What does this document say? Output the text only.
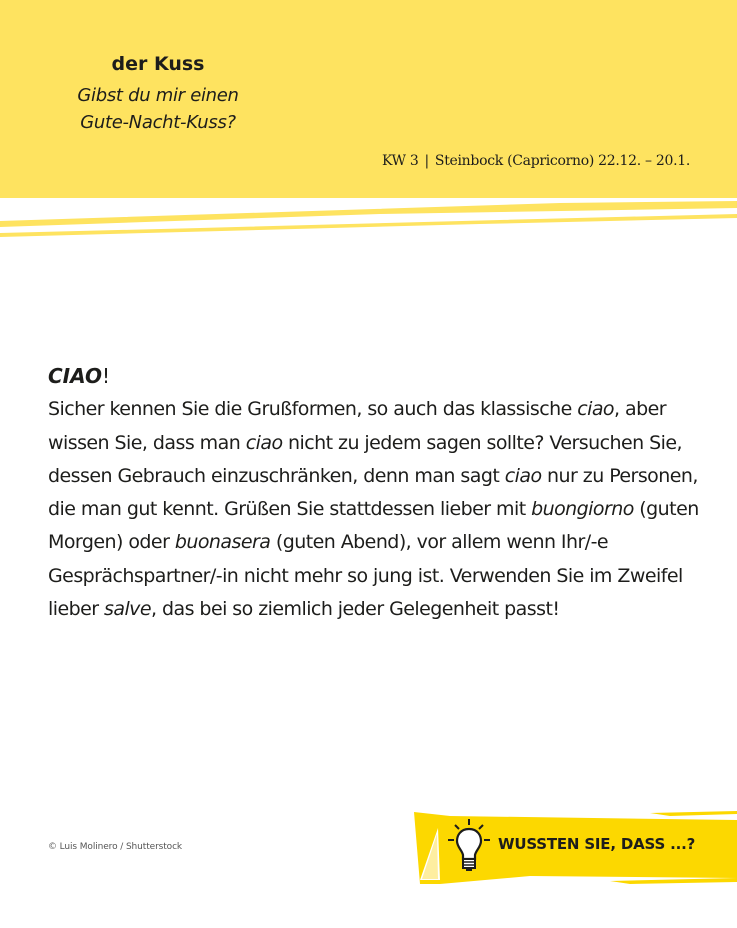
der Kuss
Gibst du mir einen
Gute-Nacht-Kuss?
KW 3 | Steinbock (Capricorno) 22.12. – 20.1.
CIAO!

Sicher kennen Sie die Grußformen, so auch das klassische ciao, aber wissen Sie, dass man ciao nicht zu jedem sagen sollte? Versuchen Sie, dessen Gebrauch einzuschränken, denn man sagt ciao nur zu Personen, die man gut kennt. Grüßen Sie stattdessen lieber mit buongiorno (guten Morgen) oder buonasera (guten Abend), vor allem wenn Ihr/-e Gesprächspartner/-in nicht mehr so jung ist. Verwenden Sie im Zweifel lieber salve, das bei so ziemlich jeder Gelegenheit passt!

© Luis Molinero / Shutterstock	WUSSTEN SIE, DASS ...?
